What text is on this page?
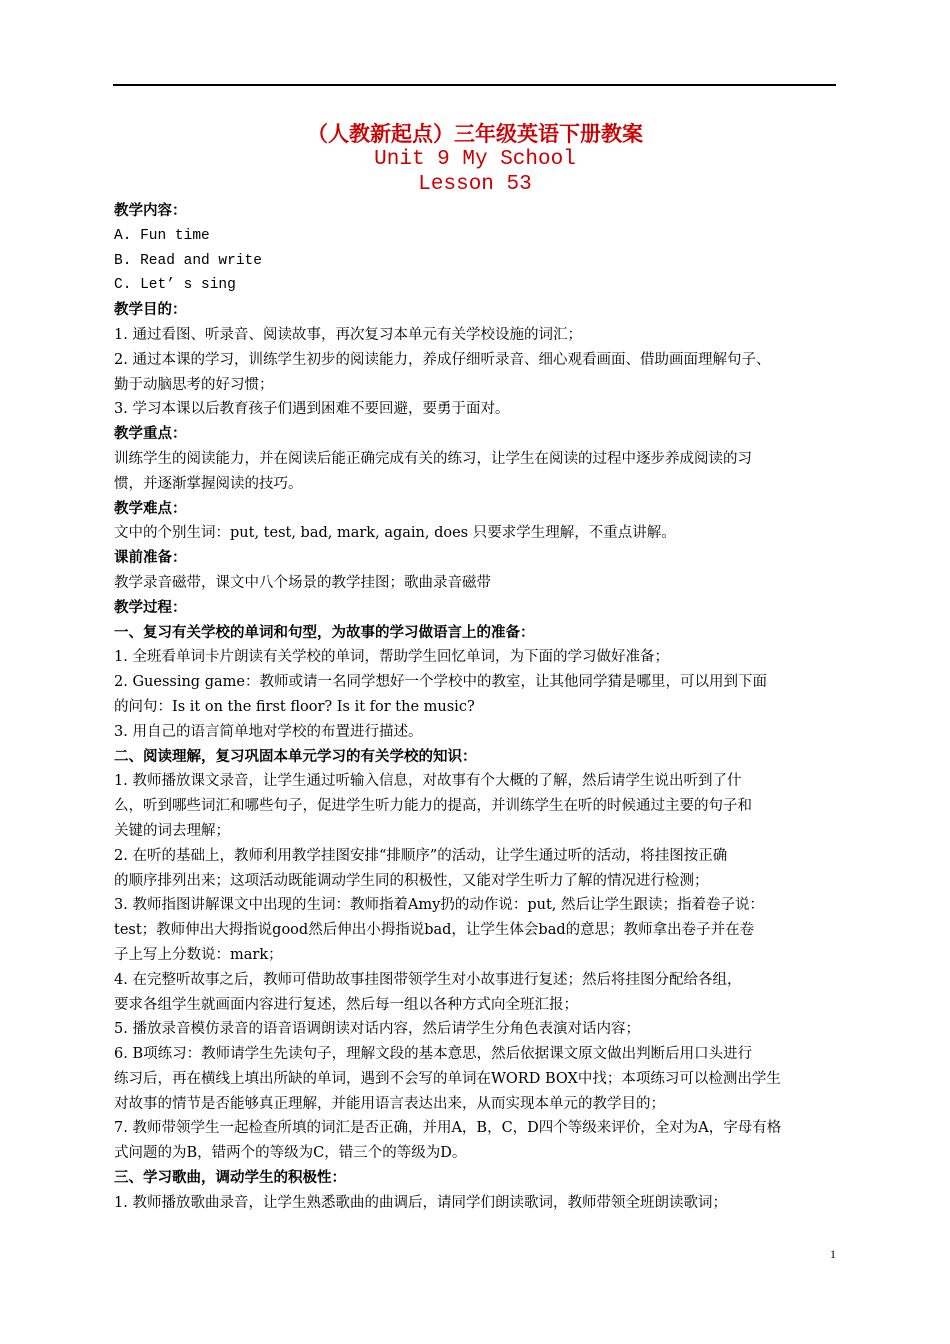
（人教新起点）三年级英语下册教案
Unit 9 My School
Lesson 53
教学内容：
A. Fun time
B. Read and write
C. Let’ s sing
教学目的：
1. 通过看图、听录音、阅读故事，再次复习本单元有关学校设施的词汇；
2. 通过本课的学习，训练学生初步的阅读能力，养成仔细听录音、细心观看画面、借助画面理解句子、
勤于动脑思考的好习惯；
3. 学习本课以后教育孩子们遇到困难不要回避，要勇于面对。
教学重点：
训练学生的阅读能力，并在阅读后能正确完成有关的练习，让学生在阅读的过程中逐步养成阅读的习
惯，并逐渐掌握阅读的技巧。
教学难点：
文中的个别生词：put, test, bad, mark, again, does 只要求学生理解，不重点讲解。
课前准备：
教学录音磁带，课文中八个场景的教学挂图；歌曲录音磁带
教学过程：
一、复习有关学校的单词和句型，为故事的学习做语言上的准备：
1. 全班看单词卡片朗读有关学校的单词，帮助学生回忆单词，为下面的学习做好准备；
2. Guessing game：教师或请一名同学想好一个学校中的教室，让其他同学猜是哪里，可以用到下面
的问句：Is it on the first floor? Is it for the music?
3. 用自己的语言简单地对学校的布置进行描述。
二、阅读理解，复习巩固本单元学习的有关学校的知识：
1. 教师播放课文录音，让学生通过听输入信息，对故事有个大概的了解，然后请学生说出听到了什
么，听到哪些词汇和哪些句子，促进学生听力能力的提高，并训练学生在听的时候通过主要的句子和
关键的词去理解；
2. 在听的基础上，教师利用教学挂图安排“排顺序”的活动，让学生通过听的活动，将挂图按正确
的顺序排列出来；这项活动既能调动学生同的积极性，又能对学生听力了解的情况进行检测；
3. 教师指图讲解课文中出现的生词：教师指着Amy扔的动作说：put, 然后让学生跟读；指着卷子说：
test；教师伸出大拇指说good然后伸出小拇指说bad，让学生体会bad的意思；教师拿出卷子并在卷
子上写上分数说：mark；
4. 在完整听故事之后，教师可借助故事挂图带领学生对小故事进行复述；然后将挂图分配给各组，
要求各组学生就画面内容进行复述，然后每一组以各种方式向全班汇报；
5. 播放录音模仿录音的语音语调朗读对话内容，然后请学生分角色表演对话内容；
6. B项练习：教师请学生先读句子，理解文段的基本意思，然后依据课文原文做出判断后用口头进行
练习后，再在横线上填出所缺的单词，遇到不会写的单词在WORD BOX中找；本项练习可以检测出学生
对故事的情节是否能够真正理解，并能用语言表达出来，从而实现本单元的教学目的；
7. 教师带领学生一起检查所填的词汇是否正确，并用A，B，C，D四个等级来评价，全对为A，字母有格
式问题的为B，错两个的等级为C，错三个的等级为D。
三、学习歌曲，调动学生的积极性：
1. 教师播放歌曲录音，让学生熟悉歌曲的曲调后，请同学们朗读歌词，教师带领全班朗读歌词；
1
